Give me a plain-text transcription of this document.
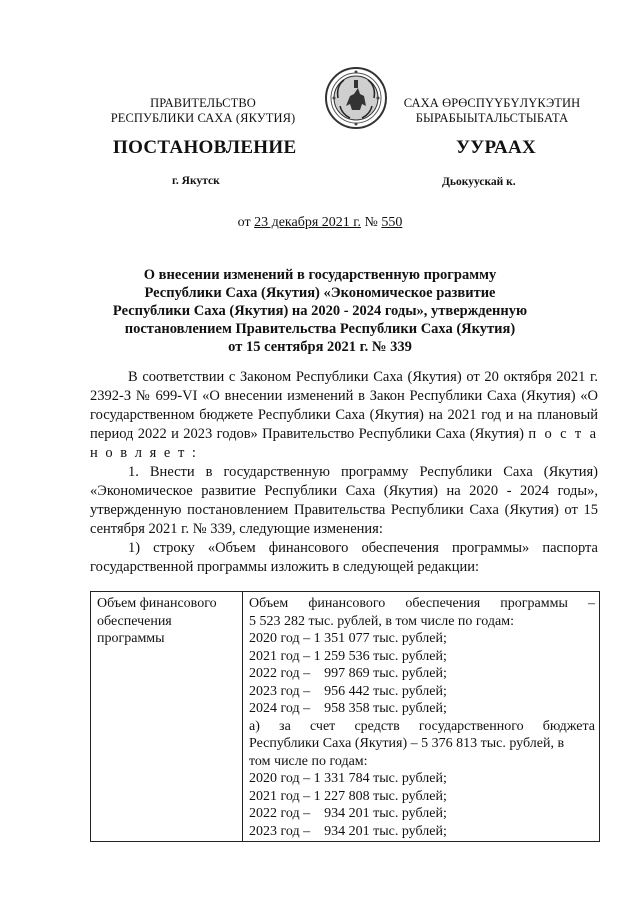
ПРАВИТЕЛЬСТВО
РЕСПУБЛИКИ САХА (ЯКУТИЯ)
САХА ӨРӨСПҮҮБҮЛҮКЭТИН
БЫРАБЫЫТАЛЬСТЫБАТА
ПОСТАНОВЛЕНИЕ	УУРААХ
г. Якутск	Дьокуускай к.
от 23 декабря 2021 г. № 550
О внесении изменений в государственную программу
Республики Саха (Якутия) «Экономическое развитие
Республики Саха (Якутия) на 2020 - 2024 годы», утвержденную
постановлением Правительства Республики Саха (Якутия)
от 15 сентября 2021 г. № 339
В соответствии с Законом Республики Саха (Якутия) от 20 октября 2021 г. 2392-З № 699-VI «О внесении изменений в Закон Республики Саха (Якутия) «О государственном бюджете Республики Саха (Якутия) на 2021 год и на плановый период 2022 и 2023 годов» Правительство Республики Саха (Якутия) п о с т а н о в л я е т :
1. Внести в государственную программу Республики Саха (Якутия) «Экономическое развитие Республики Саха (Якутия) на 2020 - 2024 годы», утвержденную постановлением Правительства Республики Саха (Якутия) от 15 сентября 2021 г. № 339, следующие изменения:
1) строку «Объем финансового обеспечения программы» паспорта государственной программы изложить в следующей редакции:
Объем финансового
обеспечения
программы

Объем финансового обеспечения программы –
5 523 282 тыс. рублей, в том числе по годам:
2020 год – 1 351 077 тыс. рублей;
2021 год – 1 259 536 тыс. рублей;
2022 год –    997 869 тыс. рублей;
2023 год –    956 442 тыс. рублей;
2024 год –    958 358 тыс. рублей;
а) за счет средств государственного бюджета
Республики Саха (Якутия) – 5 376 813 тыс. рублей, в
том числе по годам:
2020 год – 1 331 784 тыс. рублей;
2021 год – 1 227 808 тыс. рублей;
2022 год –    934 201 тыс. рублей;
2023 год –    934 201 тыс. рублей;
